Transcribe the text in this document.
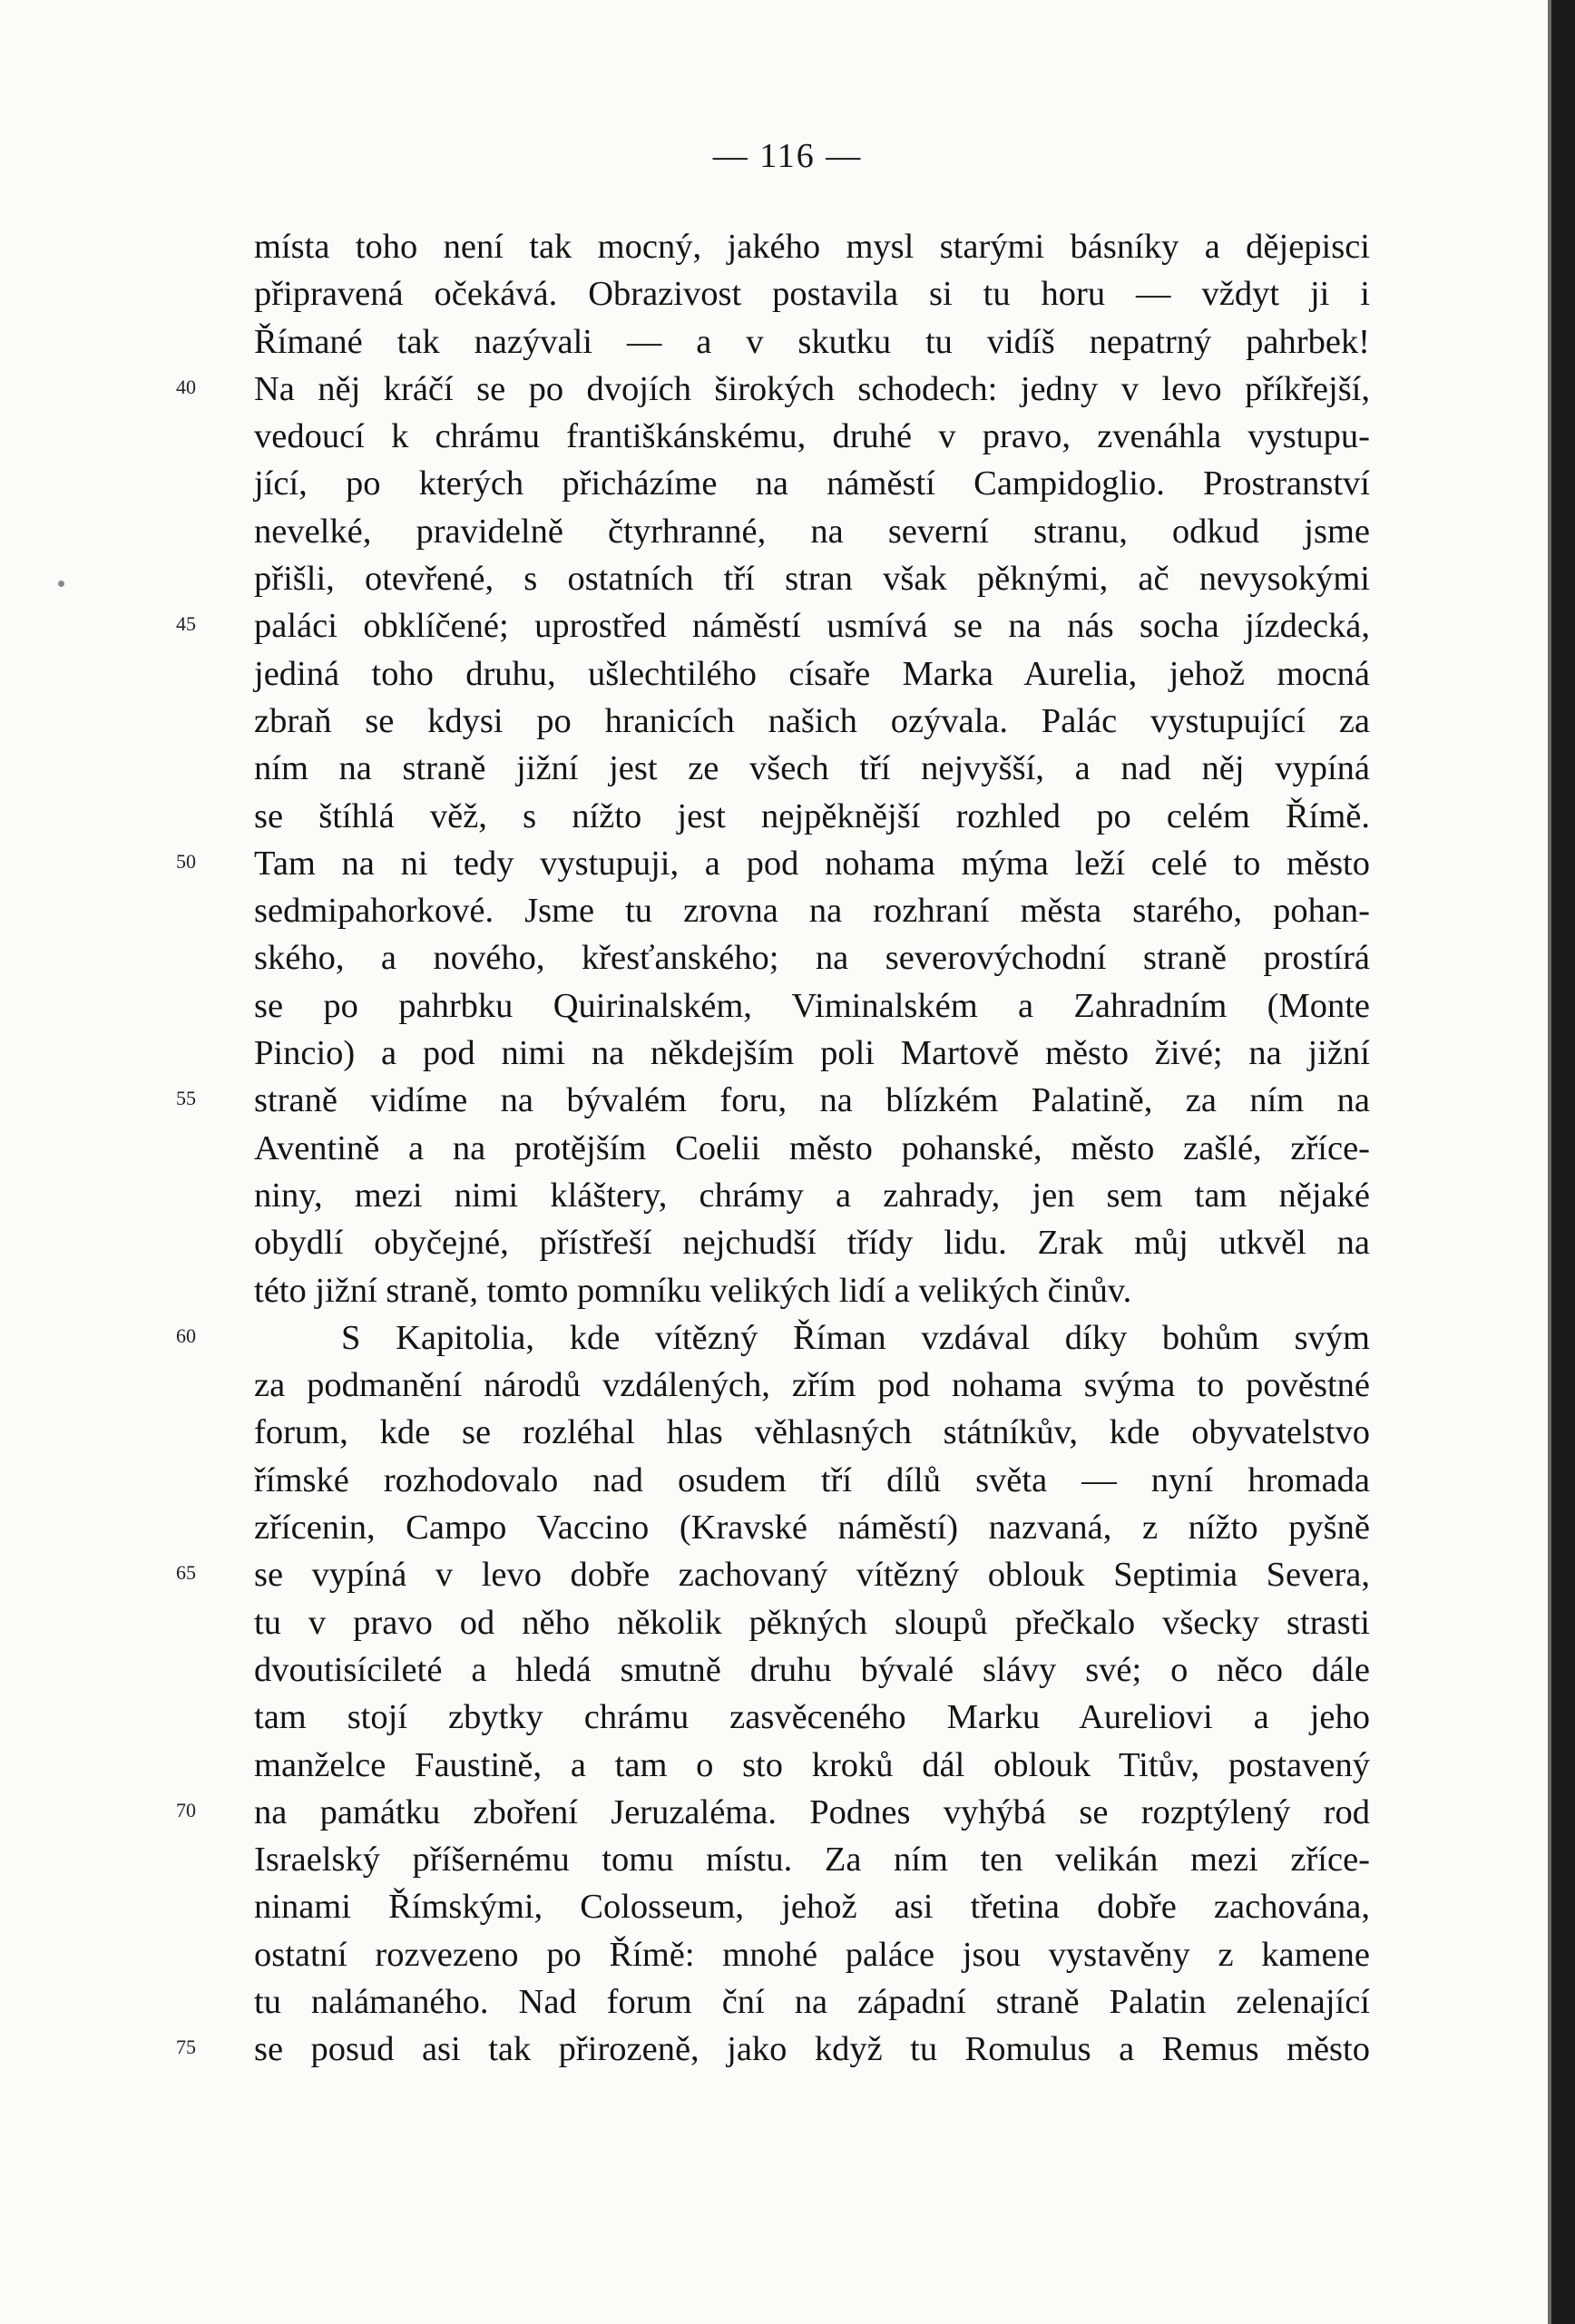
— 116 —
místa toho není tak mocný, jakého mysl starými básníky a dějepisci
připravená očekává. Obrazivost postavila si tu horu — vždyt ji i
Římané tak nazývali — a v skutku tu vidíš nepatrný pahrbek!
Na něj kráčí se po dvojích širokých schodech: jedny v levo příkřejší,
40
vedoucí k chrámu františkánskému, druhé v pravo, zvenáhla vystupu-
jící, po kterých přicházíme na náměstí Campidoglio. Prostranství
nevelké, pravidelně čtyrhranné, na severní stranu, odkud jsme
přišli, otevřené, s ostatních tří stran však pěknými, ač nevysokými
paláci obklíčené; uprostřed náměstí usmívá se na nás socha jízdecká,
45
jediná toho druhu, ušlechtilého císaře Marka Aurelia, jehož mocná
zbraň se kdysi po hranicích našich ozývala. Palác vystupující za
ním na straně jižní jest ze všech tří nejvyšší, a nad něj vypíná
se štíhlá věž, s nížto jest nejpěknější rozhled po celém Římě.
Tam na ni tedy vystupuji, a pod nohama mýma leží celé to město
50
sedmipahorkové. Jsme tu zrovna na rozhraní města starého, pohan-
ského, a nového, křesťanského; na severovýchodní straně prostírá
se po pahrbku Quirinalském, Viminalském a Zahradním (Monte
Pincio) a pod nimi na někdejším poli Martově město živé; na jižní
straně vidíme na bývalém foru, na blízkém Palatině, za ním na
55
Aventině a na protějším Coelii město pohanské, město zašlé, zříce-
niny, mezi nimi kláštery, chrámy a zahrady, jen sem tam nějaké
obydlí obyčejné, přístřeší nejchudší třídy lidu. Zrak můj utkvěl na
této jižní straně, tomto pomníku velikých lidí a velikých činův.
S Kapitolia, kde vítězný Říman vzdával díky bohům svým
60
za podmanění národů vzdálených, zřím pod nohama svýma to pověstné
forum, kde se rozléhal hlas věhlasných státníkův, kde obyvatelstvo
římské rozhodovalo nad osudem tří dílů světa — nyní hromada
zřícenin, Campo Vaccino (Kravské náměstí) nazvaná, z nížto pyšně
se vypíná v levo dobře zachovaný vítězný oblouk Septimia Severa,
65
tu v pravo od něho několik pěkných sloupů přečkalo všecky strasti
dvoutisícileté a hledá smutně druhu bývalé slávy své; o něco dále
tam stojí zbytky chrámu zasvěceného Marku Aureliovi a jeho
manželce Faustině, a tam o sto kroků dál oblouk Titův, postavený
na památku zboření Jeruzaléma. Podnes vyhýbá se rozptýlený rod
70
Israelský příšernému tomu místu. Za ním ten velikán mezi zříce-
ninami Římskými, Colosseum, jehož asi třetina dobře zachována,
ostatní rozvezeno po Římě: mnohé paláce jsou vystavěny z kamene
tu nalámaného. Nad forum ční na západní straně Palatin zelenající
se posud asi tak přirozeně, jako když tu Romulus a Remus město
75
